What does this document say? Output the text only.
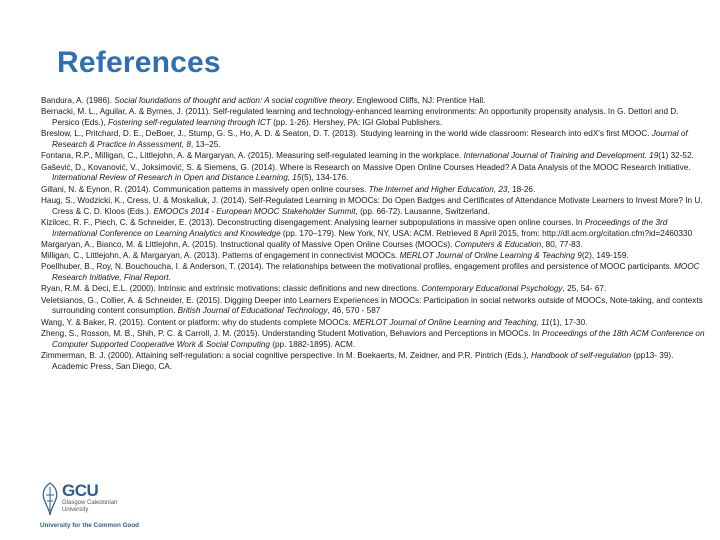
References
Bandura, A. (1986). Social foundations of thought and action: A social cognitive theory. Englewood Cliffs, NJ: Prentice Hall.
Bernacki, M. L., Aguilar, A. & Byrnes, J. (2011). Self-regulated learning and technology-enhanced learning environments: An opportunity propensity analysis. In G. Dettori and D. Persico (Eds.), Fostering self-regulated learning through ICT (pp. 1-26). Hershey, PA: IGI Global Publishers.
Breslow, L., Pritchard, D. E., DeBoer, J., Stump, G. S., Ho, A. D. & Seaton, D. T. (2013). Studying learning in the world wide classroom: Research into edX's first MOOC. Journal of Research & Practice in Assessment, 8, 13–25.
Fontana, R.P., Milligan, C., Littlejohn, A. & Margaryan, A. (2015). Measuring self-regulated learning in the workplace. International Journal of Training and Development. 19(1) 32-52.
Gašević, D., Kovanović, V., Joksimović, S. & Siemens, G. (2014). Where is Research on Massive Open Online Courses Headed? A Data Analysis of the MOOC Research Initiative. International Review of Research in Open and Distance Learning, 15(5), 134-176.
Gillani, N. & Eynon, R. (2014). Communication patterns in massively open online courses. The Internet and Higher Education, 23, 18-26.
Haug, S., Wodzicki, K., Cress, U. & Moskaliuk, J. (2014). Self-Regulated Learning in MOOCs: Do Open Badges and Certificates of Attendance Motivate Learners to Invest More? In U. Cress & C. D. Kloos (Eds.). EMOOCs 2014 - European MOOC Stakeholder Summit, (pp. 66-72). Lausanne, Switzerland.
Kizilcec, R. F., Piech, C. & Schneider, E. (2013). Deconstructing disengagement: Analysing learner subpopulations in massive open online courses. In Proceedings of the 3rd International Conference on Learning Analytics and Knowledge (pp. 170–179). New York, NY, USA: ACM. Retrieved 8 April 2015, from: http://dl.acm.org/citation.cfm?id=2460330
Margaryan, A., Bianco, M. & Littlejohn, A. (2015). Instructional quality of Massive Open Online Courses (MOOCs). Computers & Education, 80, 77-83.
Milligan, C., Littlejohn, A. & Margaryan, A. (2013). Patterns of engagement in connectivist MOOCs. MERLOT Journal of Online Learning & Teaching 9(2), 149-159.
Poellhuber, B., Roy, N. Bouchoucha, I. & Anderson, T. (2014). The relationships between the motivational profiles, engagement profiles and persistence of MOOC participants. MOOC Research Initiative, Final Report.
Ryan, R.M. & Deci, E.L. (2000). Intrinsic and extrinsic motivations: classic definitions and new directions. Contemporary Educational Psychology, 25, 54- 67.
Veletsianos, G., Collier, A. & Schneider, E. (2015). Digging Deeper into Learners Experiences in MOOCs: Participation in social networks outside of MOOCs, Note-taking, and contexts surrounding content consumption. British Journal of Educational Technology, 46, 570 - 587
Wang, Y. & Baker, R. (2015). Content or platform: why do students complete MOOCs. MERLOT Journal of Online Learning and Teaching, 11(1), 17-30.
Zheng, S., Rosson, M. B., Shih, P. C. & Carroll, J. M. (2015). Understanding Student Motivation, Behaviors and Perceptions in MOOCs. In Proceedings of the 18th ACM Conference on Computer Supported Cooperative Work & Social Computing (pp. 1882-1895). ACM.
Zimmerman, B. J. (2000). Attaining self-regulation: a social cognitive perspective. In M. Boekaerts, M. Zeidner, and P.R. Pintrich (Eds.), Handbook of self-regulation (pp13- 39). Academic Press, San Diego, CA.
GCU
Glasgow Caledonian University
University for the Common Good
